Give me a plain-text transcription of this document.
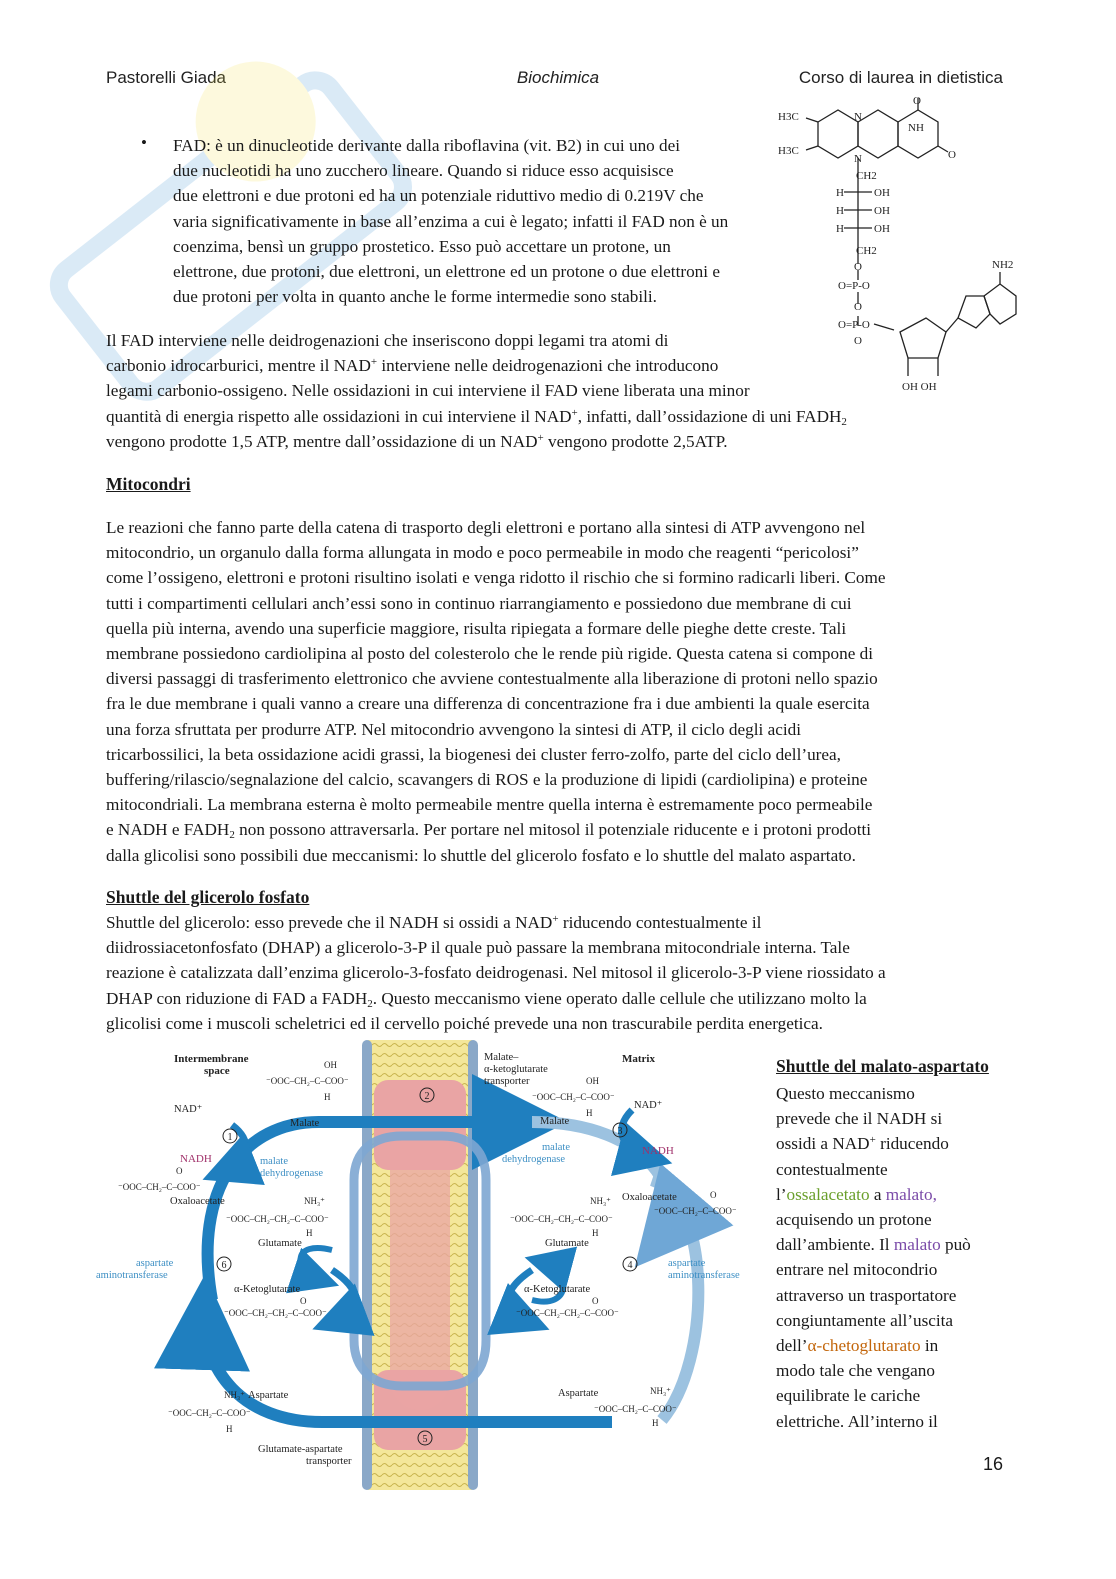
Pastorelli Giada	Biochimica	Corso di laurea in dietistica
• FAD: è un dinucleotide derivante dalla riboflavina (vit. B2) in cui uno dei
due nucleotidi ha uno zucchero lineare. Quando si riduce esso acquisisce
due elettroni e due protoni ed ha un potenziale riduttivo medio di 0.219V che
varia significativamente in base all’enzima a cui è legato; infatti il FAD non è un
coenzima, bensì un gruppo prostetico. Esso può accettare un protone, un
elettrone, due protoni, due elettroni, un elettrone ed un protone o due elettroni e
due protoni per volta in quanto anche le forme intermedie sono stabili.
H3C
H3C
O
NH
O
N
N
CH2
H	OH
H	OH
H	OH
CH2
O
O=P-O
O
O=P-O
O
NH2
OH OH
Il FAD interviene nelle deidrogenazioni che inseriscono doppi legami tra atomi di
carbonio idrocarburici, mentre il NAD+ interviene nelle deidrogenazioni che introducono
legami carbonio-ossigeno. Nelle ossidazioni in cui interviene il FAD viene liberata una minor
quantità di energia rispetto alle ossidazioni in cui interviene il NAD+, infatti, dall’ossidazione di uni $FADH_2$
vengono prodotte 1,5 ATP, mentre dall’ossidazione di un NAD+ vengono prodotte 2,5ATP.
Mitocondri
Le reazioni che fanno parte della catena di trasporto degli elettroni e portano alla sintesi di ATP avvengono nel
mitocondrio, un organulo dalla forma allungata in modo e poco permeabile in modo che reagenti “pericolosi”
come l’ossigeno, elettroni e protoni risultino isolati e venga ridotto il rischio che si formino radicarli liberi. Come
tutti i compartimenti cellulari anch’essi sono in continuo riarrangiamento e possiedono due membrane di cui
quella più interna, avendo una superficie maggiore, risulta ripiegata a formare delle pieghe dette creste. Tali
membrane possiedono cardiolipina al posto del colesterolo che le rende più rigide. Questa catena si compone di
diversi passaggi di trasferimento elettronico che avviene contestualmente alla liberazione di protoni nello spazio
fra le due membrane i quali vanno a creare una differenza di concentrazione fra i due ambienti la quale esercita
una forza sfruttata per produrre ATP. Nel mitocondrio avvengono la sintesi di ATP, il ciclo degli acidi
tricarbossilici, la beta ossidazione acidi grassi, la biogenesi dei cluster ferro-zolfo, parte del ciclo dell’urea,
buffering/rilascio/segnalazione del calcio, scavangers di ROS e la produzione di lipidi (cardiolipina) e proteine
mitocondriali. La membrana esterna è molto permeabile mentre quella interna è estremamente poco permeabile
e NADH e $FADH_2$ non possono attraversarla. Per portare nel mitosol il potenziale riducente e i protoni prodotti
dalla glicolisi sono possibili due meccanismi: lo shuttle del glicerolo fosfato e lo shuttle del malato aspartato.
Shuttle del glicerolo fosfato
Shuttle del glicerolo: esso prevede che il NADH si ossidi a NAD+ riducendo contestualmente il
diidrossiacetonfosfato (DHAP) a glicerolo-3-P il quale può passare la membrana mitocondriale interna. Tale
reazione è catalizzata dall’enzima glicerolo-3-fosfato deidrogenasi. Nel mitosol il glicerolo-3-P viene riossidato a
DHAP con riduzione di FAD a $FADH_2$. Questo meccanismo viene operato dalle cellule che utilizzano molto la
glicolisi come i muscoli scheletrici ed il cervello poiché prevede una non trascurabile perdita energetica.
Intermembrane
space
Matrix
Malate–
α-ketoglutarate
transporter
Glutamate-aspartate
transporter
Malate	Malate
Oxaloacetate	Oxaloacetate
Glutamate	Glutamate
α-Ketoglutarate	α-Ketoglutarate
Aspartate	Aspartate
NAD⁺	NAD⁺
NADH
NADH
malate
dehydrogenase
malate
dehydrogenase
aspartate
aminotransferase
aspartate
aminotransferase
⁻OOC–CH₂–C–COO⁻
OH
H	⁻OOC–CH₂–C–COO⁻
OH
H
⁻OOC–CH₂–C–COO⁻
O
⁻OOC–CH₂–C–COO⁻
O
⁻OOC–CH₂–CH₂–C–COO⁻
NH₃⁺
H
⁻OOC–CH₂–CH₂–C–COO⁻
NH₃⁺
H
⁻OOC–CH₂–CH₂–C–COO⁻
O
⁻OOC–CH₂–CH₂–C–COO⁻
O
⁻OOC–CH₂–C–COO⁻
NH₃⁺
H
⁻OOC–CH₂–C–COO⁻
NH₃⁺
H
1
2
3
4
5
6
Shuttle del malato-aspartato
Questo meccanismo
prevede che il NADH si
ossidi a NAD+ riducendo
contestualmente
l’ossalacetato a malato,
acquisendo un protone
dall’ambiente. Il malato può
entrare nel mitocondrio
attraverso un trasportatore
congiuntamente all’uscita
dell’α-chetoglutarato in
modo tale che vengano
equilibrate le cariche
elettriche. All’interno il
16
